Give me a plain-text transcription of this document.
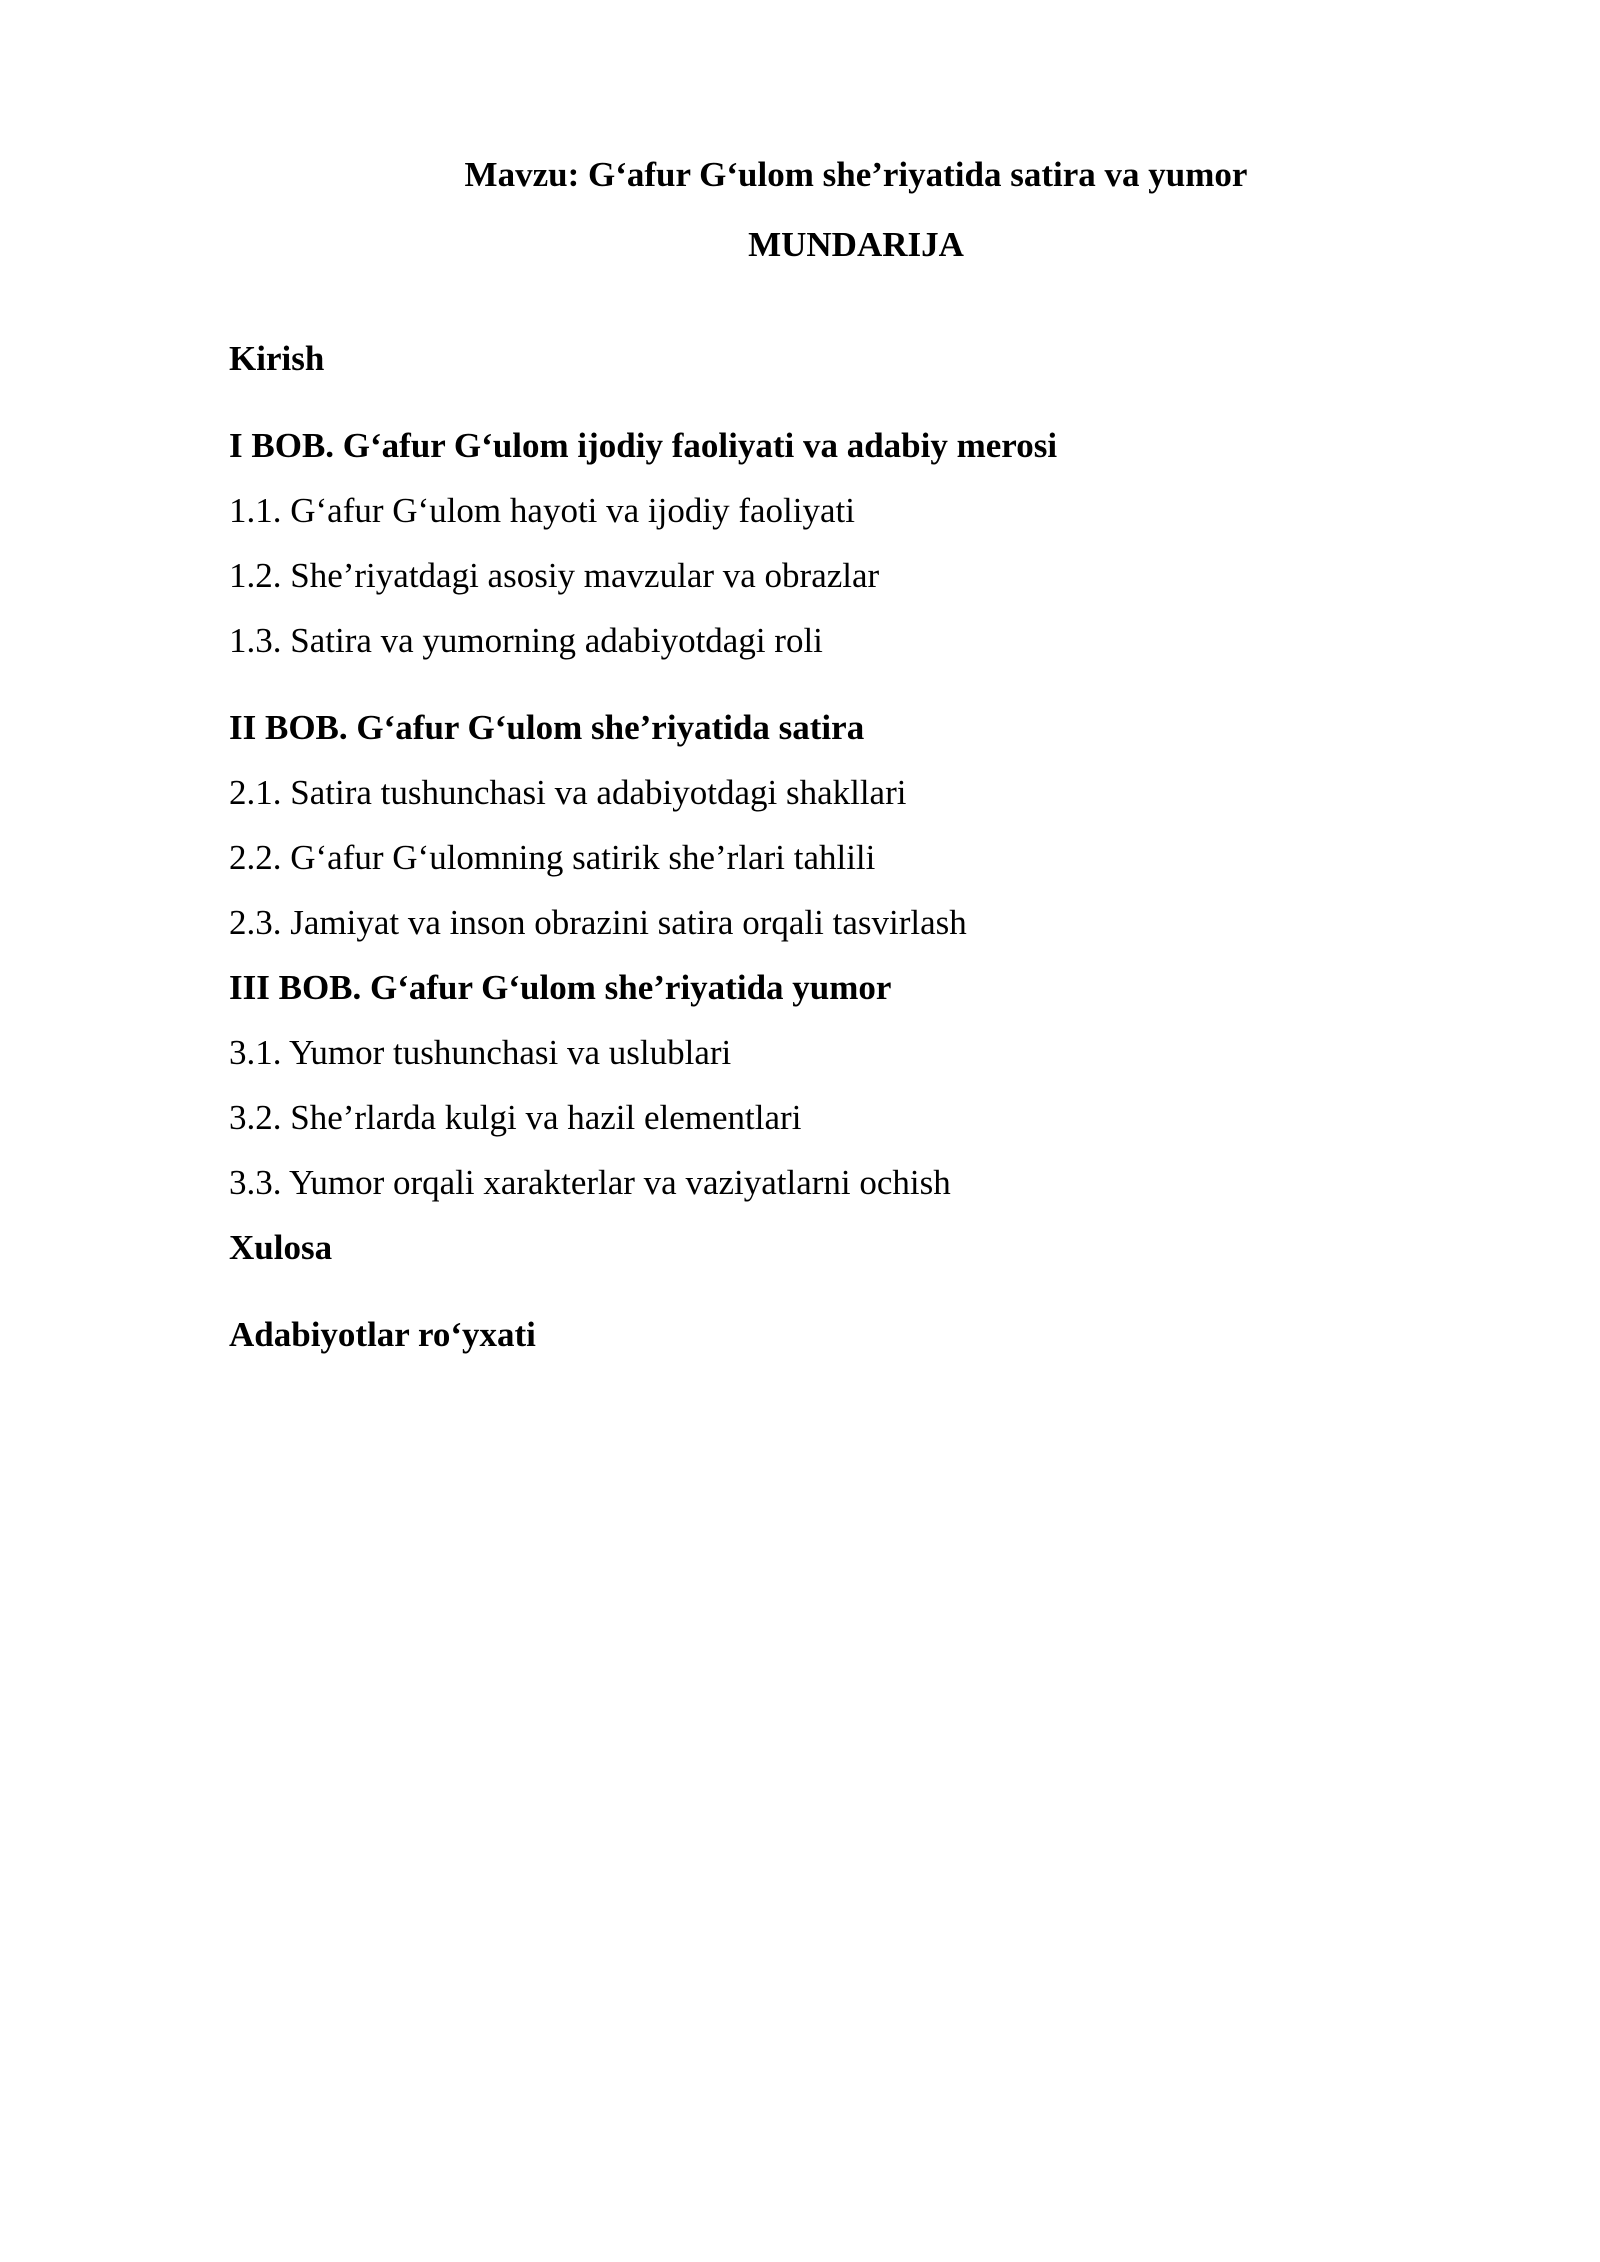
Mavzu: G‘afur G‘ulom she’riyatida satira va yumor
MUNDARIJA
Kirish
I BOB. G‘afur G‘ulom ijodiy faoliyati va adabiy merosi
1.1. G‘afur G‘ulom hayoti va ijodiy faoliyati
1.2. She’riyatdagi asosiy mavzular va obrazlar
1.3. Satira va yumorning adabiyotdagi roli
II BOB. G‘afur G‘ulom she’riyatida satira
2.1. Satira tushunchasi va adabiyotdagi shakllari
2.2. G‘afur G‘ulomning satirik she’rlari tahlili
2.3. Jamiyat va inson obrazini satira orqali tasvirlash
III BOB. G‘afur G‘ulom she’riyatida yumor
3.1. Yumor tushunchasi va uslublari
3.2. She’rlarda kulgi va hazil elementlari
3.3. Yumor orqali xarakterlar va vaziyatlarni ochish
Xulosa
Adabiyotlar ro‘yxati
